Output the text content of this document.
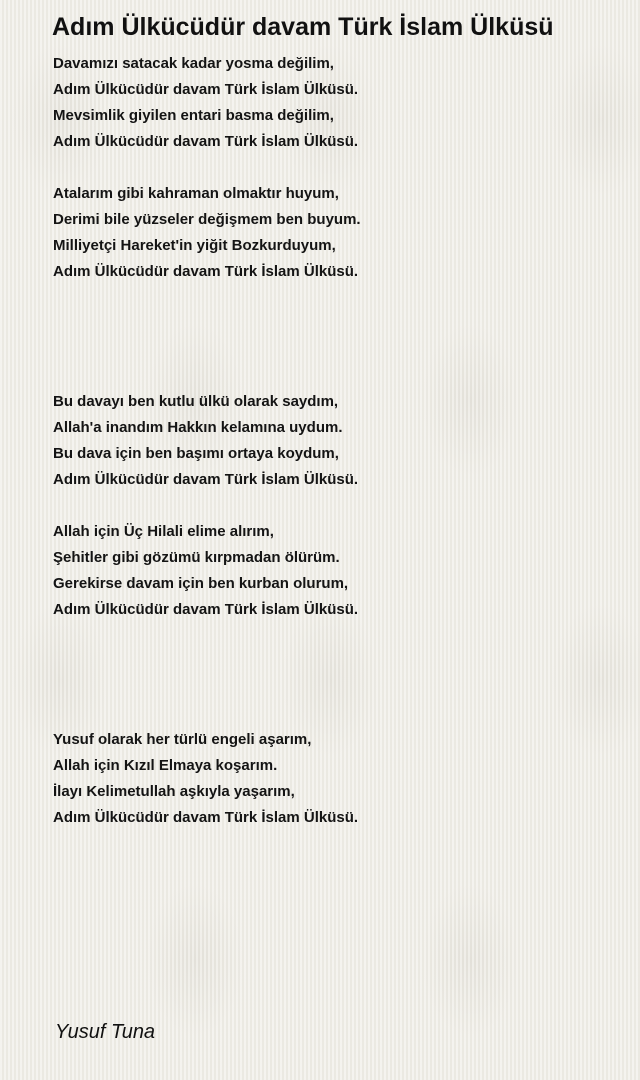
Adım Ülkücüdür davam Türk İslam Ülküsü
Davamızı satacak kadar yosma değilim,
Adım Ülkücüdür davam Türk İslam Ülküsü.
Mevsimlik giyilen entari basma değilim,
Adım Ülkücüdür davam Türk İslam Ülküsü.
Atalarım gibi kahraman olmaktır huyum,
Derimi bile yüzseler değişmem ben buyum.
Milliyetçi Hareket'in yiğit Bozkurduyum,
Adım Ülkücüdür davam Türk İslam Ülküsü.
Bu davayı ben kutlu ülkü olarak saydım,
Allah'a inandım Hakkın kelamına uydum.
Bu dava için ben başımı ortaya koydum,
Adım Ülkücüdür davam Türk İslam Ülküsü.
Allah için Üç Hilali elime alırım,
Şehitler gibi gözümü kırpmadan ölürüm.
Gerekirse davam için ben kurban olurum,
Adım Ülkücüdür davam Türk İslam Ülküsü.
Yusuf olarak her türlü engeli aşarım,
Allah için Kızıl Elmaya koşarım.
İlayı Kelimetullah aşkıyla yaşarım,
Adım Ülkücüdür davam Türk İslam Ülküsü.
Yusuf Tuna
